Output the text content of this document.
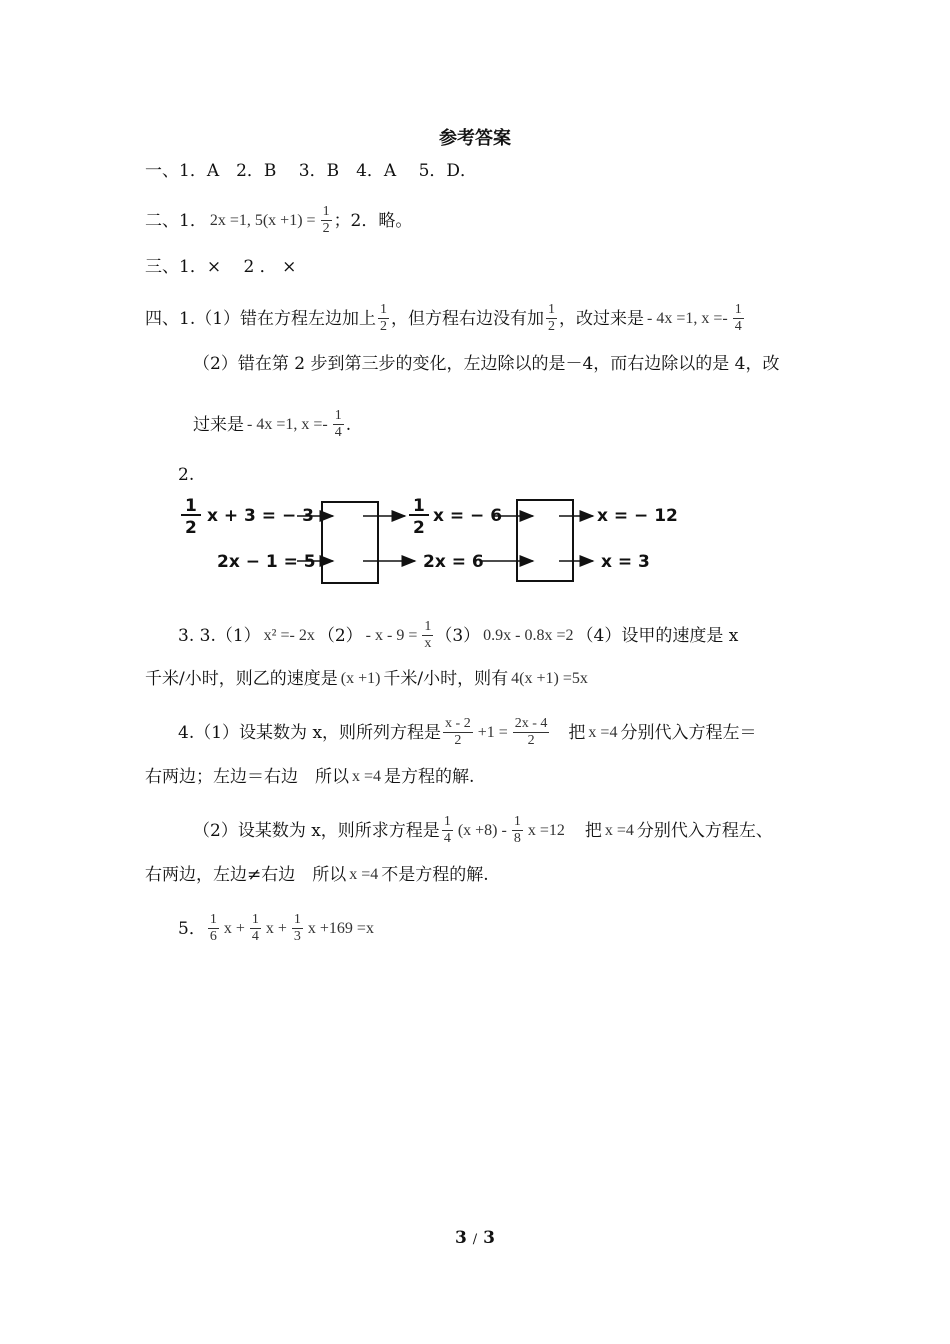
参考答案
一、 1．A　2．B　 3．B　4．A　 5．D．
二、1． 2x =1, $5(x +1) = \frac{1}{2}$ ；2．略。
三、 1．× 　2 ． ×
四、1.（1）错在方程左边加上 $\frac{1}{2}$ ，但方程右边没有加 $\frac{1}{2}$ ，改过来是 - 4x =1, $x =- \frac{1}{4}$
（2）错在第 2 步到第三步的变化，左边除以的是－4，而右边除以的是 4，改
过来是 - 4x =1, $x =- \frac{1}{4}$ .
2.
1
2
x + 3 = − 3	1
2
x = − 6	x = − 12
2x − 1 = 5	2x = 6	x = 3
3. 3.（1） x² =- 2x $(2) - x - 9 = \frac{1}{x} (3)$ 0.9x - 0.8x =2 （4）设甲的速度是 x
千米/小时，则乙的速度是 (x +1) 千米/小时，则有 4(x +1) =5x
4.（1）设某数为 x，则所列方程是 $\frac{x - 2}{2} +1 = \frac{2x - 4}{2}$ 　把 x =4 分别代入方程左＝
右两边；左边＝右边　所以 x =4 是方程的解.
（2）设某数为 x，则所求方程是 $\frac{1}{4} (x +8) - \frac{1}{8}$ x =12 　把 x =4 分别代入方程左、
右两边，左边≠右边　所以 x =4 不是方程的解.
5． $\frac{1}{6}$ $x + \frac{1}{4}$ $x + \frac{1}{3}$ x +169 =x
3 / 3
